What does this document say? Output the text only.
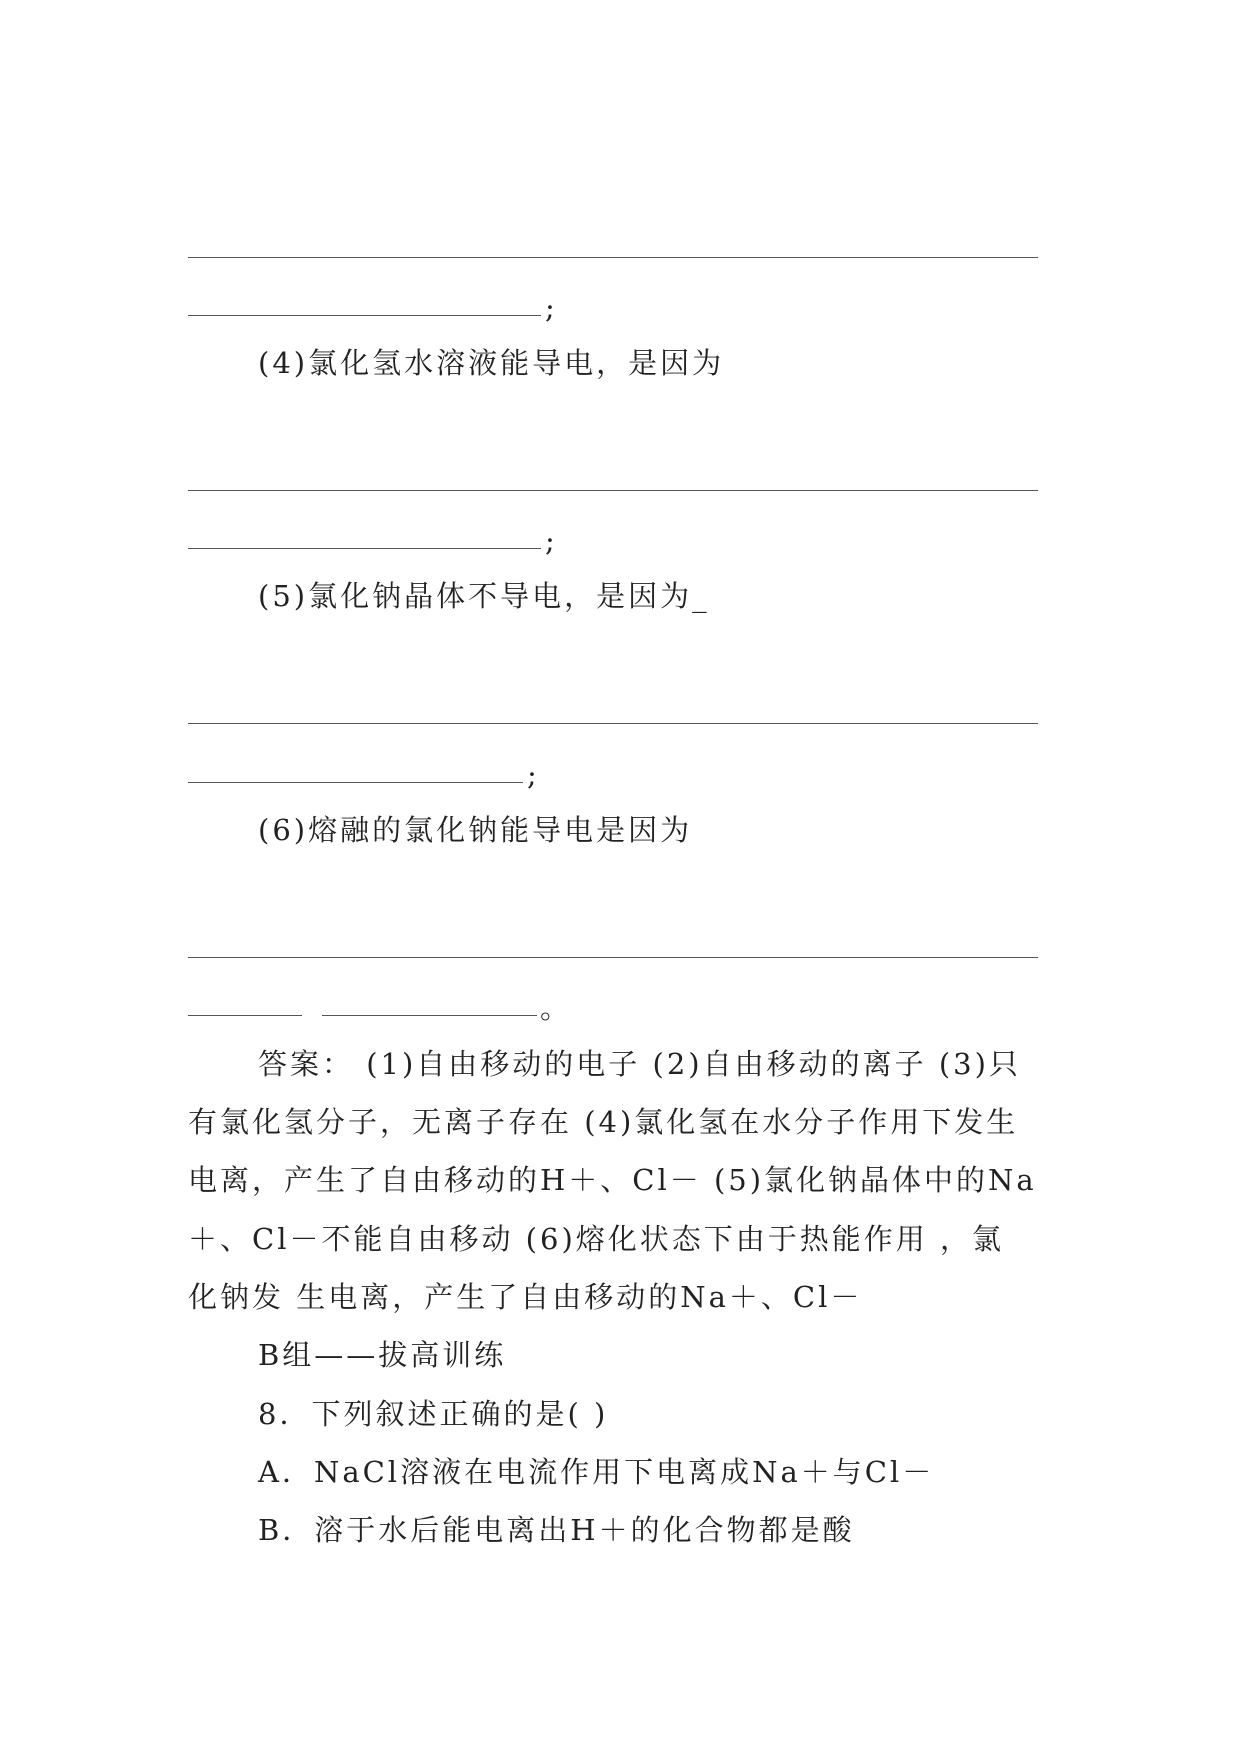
;
(4)氯化氢水溶液能导电，是因为
;
(5)氯化钠晶体不导电，是因为_
;
(6)熔融的氯化钠能导电是因为
。
答案： (1)自由移动的电子 (2)自由移动的离子 (3)只
有氯化氢分子，无离子存在 (4)氯化氢在水分子作用下发生
电离，产生了自由移动的H＋、Cl－ (5)氯化钠晶体中的Na
＋、Cl－不能自由移动 (6)熔化状态下由于热能作用 ，氯
化钠发 生电离，产生了自由移动的Na＋、Cl－
B组——拔高训练
8．下列叙述正确的是( )
A．NaCl溶液在电流作用下电离成Na＋与Cl－
B．溶于水后能电离出H＋的化合物都是酸
